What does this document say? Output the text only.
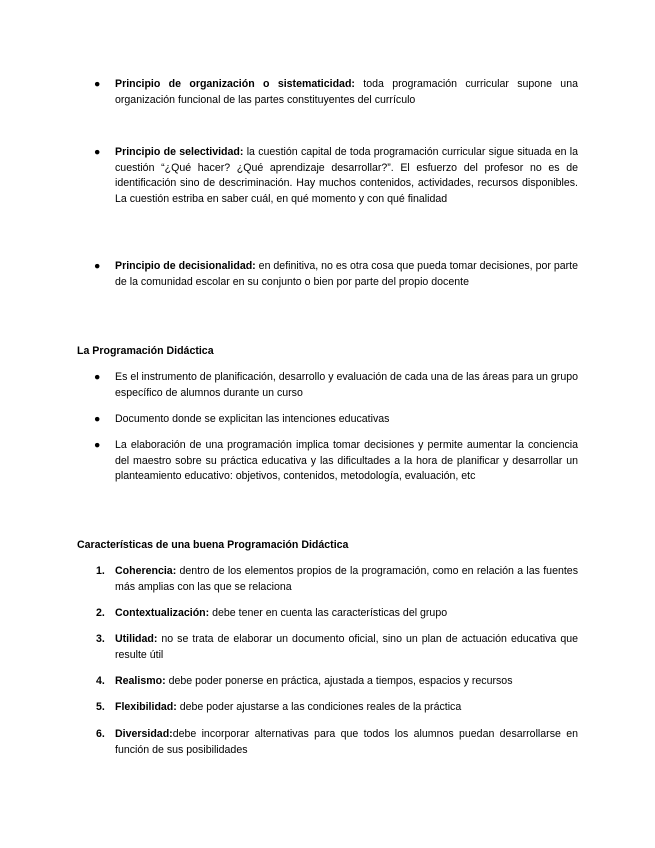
●	Principio de organización o sistematicidad: toda programación curricular supone una organización funcional de las partes constituyentes del currículo
●	Principio de selectividad: la cuestión capital de toda programación curricular sigue situada en la cuestión “¿Qué hacer? ¿Qué aprendizaje desarrollar?”. El esfuerzo del profesor no es de identificación sino de descriminación. Hay muchos contenidos, actividades, recursos disponibles. La cuestión estriba en saber cuál, en qué momento y con qué finalidad
●	Principio de decisionalidad: en definitiva, no es otra cosa que pueda tomar decisiones, por parte de la comunidad escolar en su conjunto o bien por parte del propio docente
La Programación Didáctica
●	Es el instrumento de planificación, desarrollo y evaluación de cada una de las áreas para un grupo específico de alumnos durante un curso
●	Documento donde se explicitan las intenciones educativas
●	La elaboración de una programación implica tomar decisiones y permite aumentar la conciencia del maestro sobre su práctica educativa y las dificultades a la hora de planificar y desarrollar un planteamiento educativo: objetivos, contenidos, metodología, evaluación, etc
Características de una buena Programación Didáctica
1. Coherencia: dentro de los elementos propios de la programación, como en relación a las fuentes más amplias con las que se relaciona
2. Contextualización: debe tener en cuenta las características del grupo
3. Utilidad: no se trata de elaborar un documento oficial, sino un plan de actuación educativa que resulte útil
4. Realismo: debe poder ponerse en práctica, ajustada a tiempos, espacios y recursos
5. Flexibilidad: debe poder ajustarse a las condiciones reales de la práctica
6. Diversidad:debe incorporar alternativas para que todos los alumnos puedan desarrollarse en función de sus posibilidades
